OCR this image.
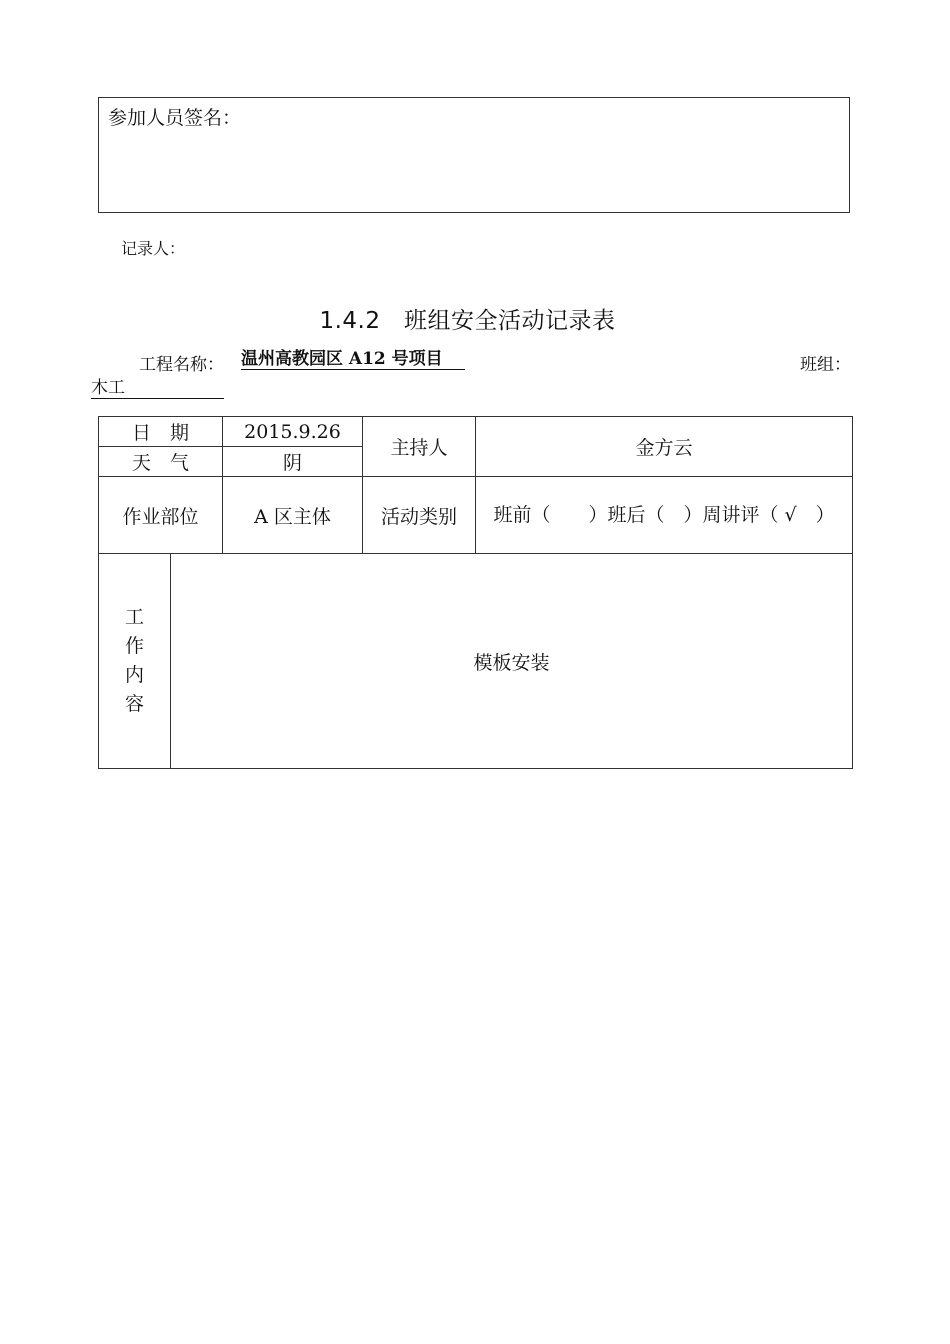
参加人员签名：
记录人：
1.4.2　班组安全活动记录表
工程名称： 温州高教园区 A12 号项目	班组：
木工
日　期		2015.9.26	主持人	金方云
天　气		阴		
作业部位		A 区主体	活动类别	班前（　　）班后（　）周讲评（ √　）

工
作
内
容	模板安装			
